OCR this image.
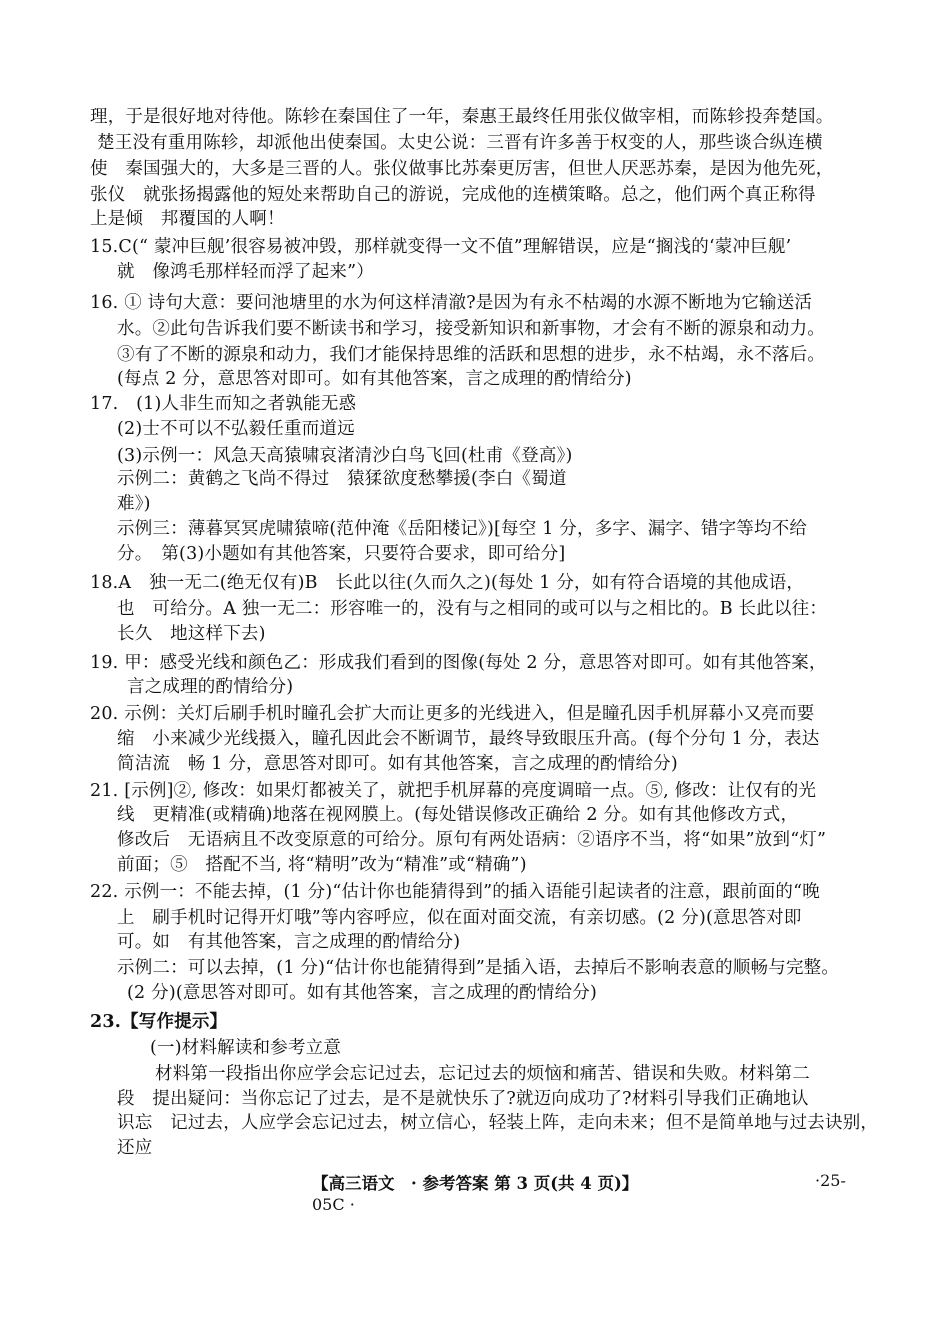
理，于是很好地对待他。陈轸在秦国住了一年，秦惠王最终任用张仪做宰相，而陈轸投奔楚国。
楚王没有重用陈轸，却派他出使秦国。太史公说：三晋有许多善于权变的人，那些谈合纵连横
使　秦国强大的，大多是三晋的人。张仪做事比苏秦更厉害，但世人厌恶苏秦，是因为他先死，
张仪　就张扬揭露他的短处来帮助自己的游说，完成他的连横策略。总之，他们两个真正称得
上是倾　邦覆国的人啊！
15.C(“ 蒙冲巨舰’很容易被冲毁，那样就变得一文不值”理解错误，应是“搁浅的‘蒙冲巨舰’
就　像鸿毛那样轻而浮了起来”）
16. ① 诗句大意：要问池塘里的水为何这样清澈?是因为有永不枯竭的水源不断地为它输送活
水。②此句告诉我们要不断读书和学习，接受新知识和新事物，才会有不断的源泉和动力。
③有了不断的源泉和动力，我们才能保持思维的活跃和思想的进步，永不枯竭，永不落后。
(每点 2 分，意思答对即可。如有其他答案，言之成理的酌情给分)
17.　(1)人非生而知之者孰能无惑
(2)士不可以不弘毅任重而道远
(3)示例一：风急天高猿啸哀渚清沙白鸟飞回(杜甫《登高》)
示例二：黄鹤之飞尚不得过　猿猱欲度愁攀援(李白《蜀道
难》)
示例三：薄暮冥冥虎啸猿啼(范仲淹《岳阳楼记》)[每空 1 分，多字、漏字、错字等均不给
分。　第(3)小题如有其他答案，只要符合要求，即可给分]
18.A　独一无二(绝无仅有)B　长此以往(久而久之)(每处 1 分，如有符合语境的其他成语，
也　可给分。A 独一无二：形容唯一的，没有与之相同的或可以与之相比的。B 长此以往：
长久　地这样下去)
19. 甲：感受光线和颜色乙：形成我们看到的图像(每处 2 分，意思答对即可。如有其他答案，
言之成理的酌情给分)
20. 示例：关灯后刷手机时瞳孔会扩大而让更多的光线进入，但是瞳孔因手机屏幕小又亮而要
缩　小来减少光线摄入，瞳孔因此会不断调节，最终导致眼压升高。(每个分句 1 分，表达
简洁流　畅 1 分，意思答对即可。如有其他答案，言之成理的酌情给分)
21. [示例]②, 修改：如果灯都被关了，就把手机屏幕的亮度调暗一点。⑤, 修改：让仅有的光
线　更精准(或精确)地落在视网膜上。(每处错误修改正确给 2 分。如有其他修改方式，
修改后　无语病且不改变原意的可给分。原句有两处语病：②语序不当，将“如果”放到“灯”
前面；⑤　搭配不当, 将“精明”改为“精准”或“精确”)
22. 示例一：不能去掉，(1 分)“估计你也能猜得到”的插入语能引起读者的注意，跟前面的“晚
上　刷手机时记得开灯哦”等内容呼应，似在面对面交流，有亲切感。(2 分)(意思答对即
可。如　有其他答案，言之成理的酌情给分)
示例二：可以去掉，(1 分)“估计你也能猜得到”是插入语，去掉后不影响表意的顺畅与完整。
(2 分)(意思答对即可。如有其他答案，言之成理的酌情给分)
23.【写作提示】
(一)材料解读和参考立意
材料第一段指出你应学会忘记过去，忘记过去的烦恼和痛苦、错误和失败。材料第二
段　提出疑问：当你忘记了过去，是不是就快乐了?就迈向成功了?材料引导我们正确地认
识忘　记过去，人应学会忘记过去，树立信心，轻装上阵，走向未来；但不是简单地与过去诀别，
还应
【高三语文　· 参考答案 第 3 页(共 4 页)】	·25-
05C ·
